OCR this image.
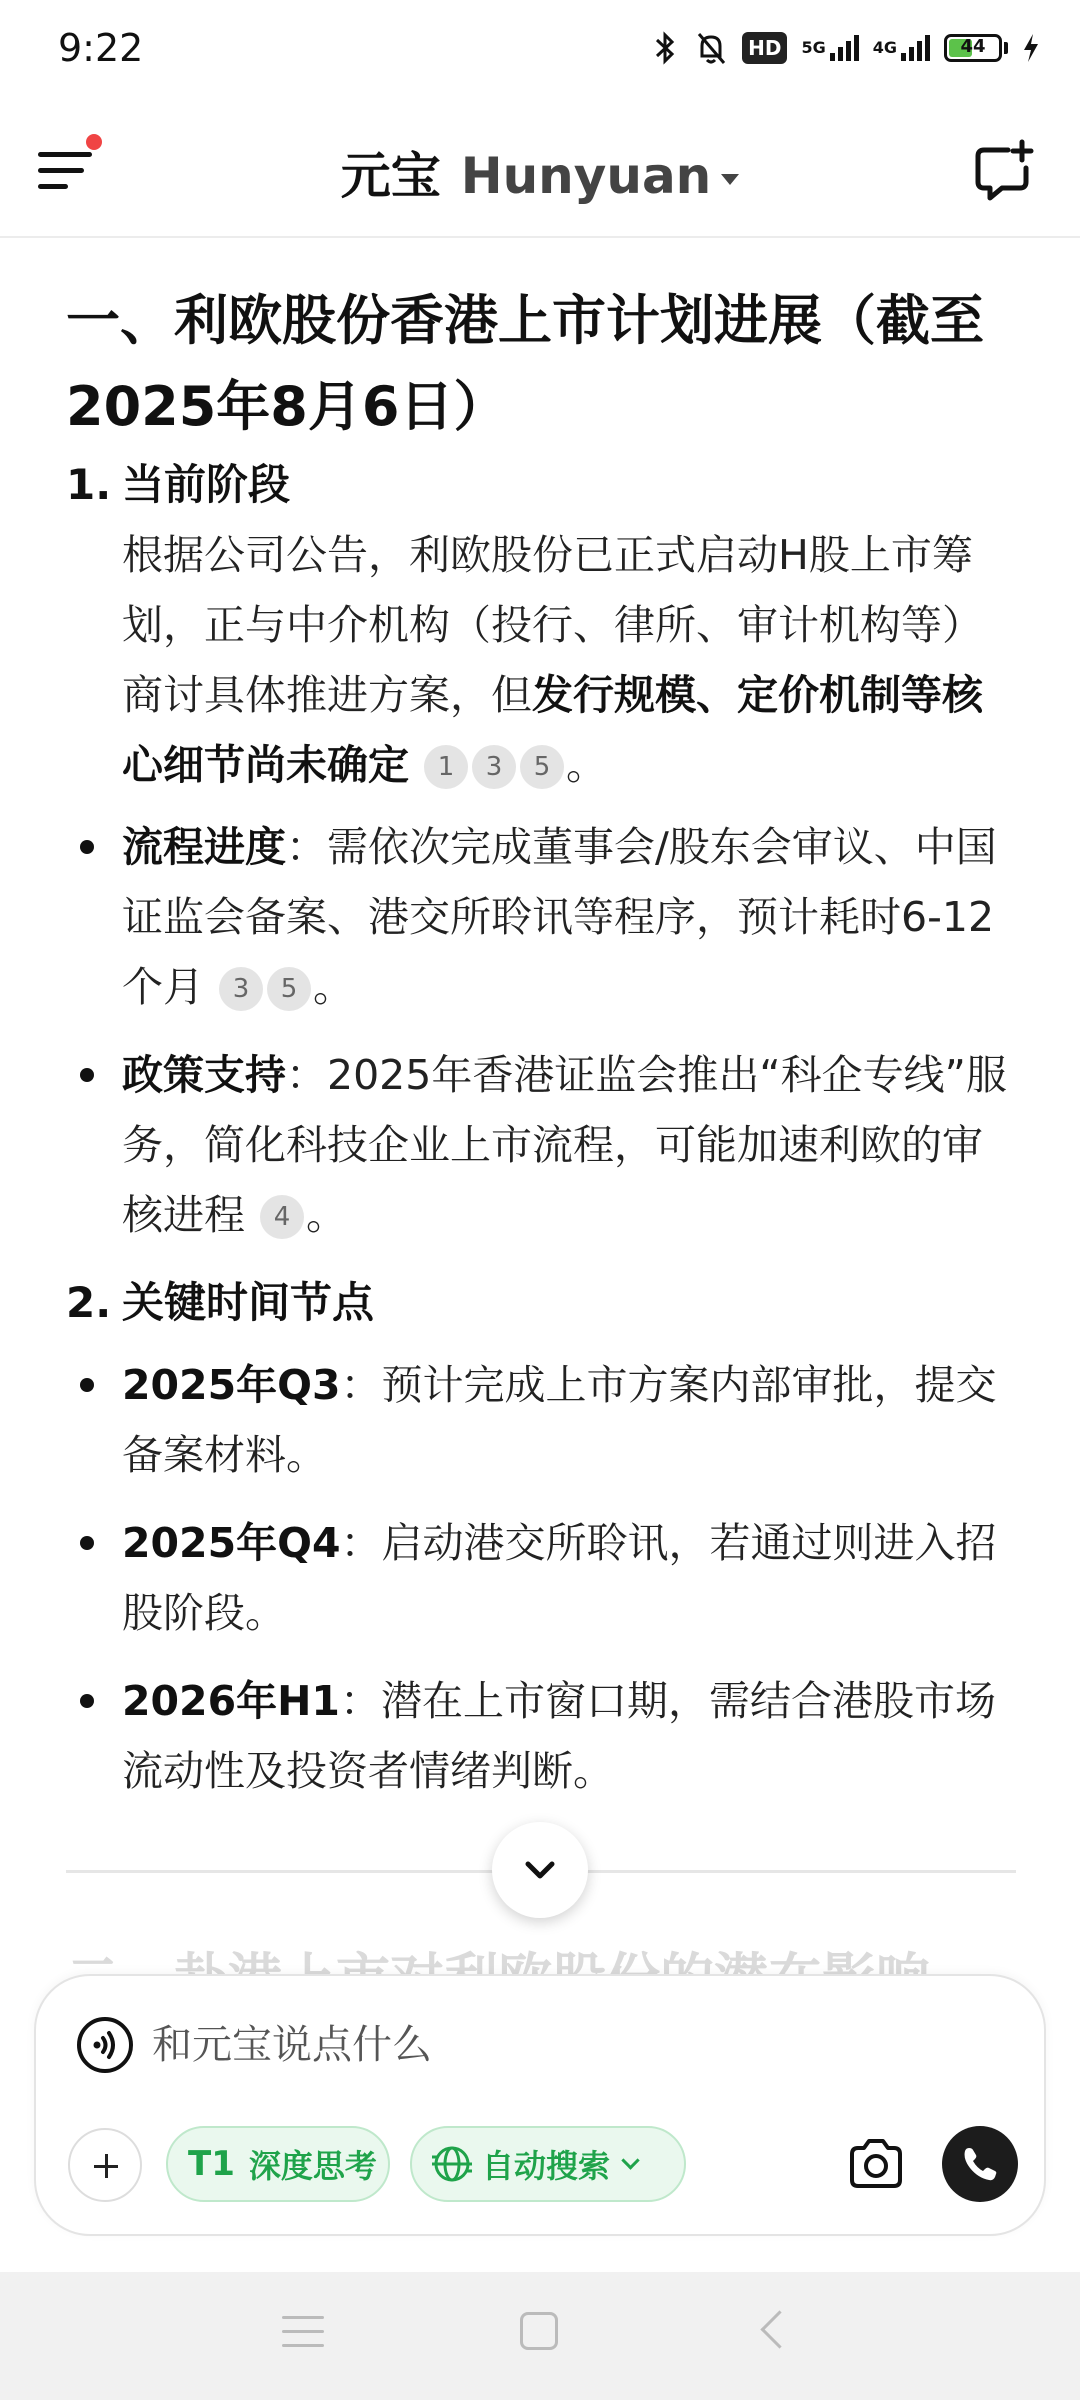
9:22	HD	5G	4G	44
元宝 Hunyuan
一、利欧股份香港上市计划进展（截至2025年8月6日）
1. 当前阶段
根据公司公告，利欧股份已正式启动H股上市筹划，正与中介机构（投行、律所、审计机构等）商讨具体推进方案，但发行规模、定价机制等核心细节尚未确定 1 3 5 。
流程进度：需依次完成董事会/股东会审议、中国证监会备案、港交所聆讯等程序，预计耗时6-12个月 3 5 。
政策支持：2025年香港证监会推出“科企专线”服务，简化科技企业上市流程，可能加速利欧的审核进程 4 。
2. 关键时间节点
2025年Q3：预计完成上市方案内部审批，提交备案材料。
2025年Q4：启动港交所聆讯，若通过则进入招股阶段。
2026年H1：潜在上市窗口期，需结合港股市场流动性及投资者情绪判断。
和元宝说点什么
T1 深度思考	自动搜索
